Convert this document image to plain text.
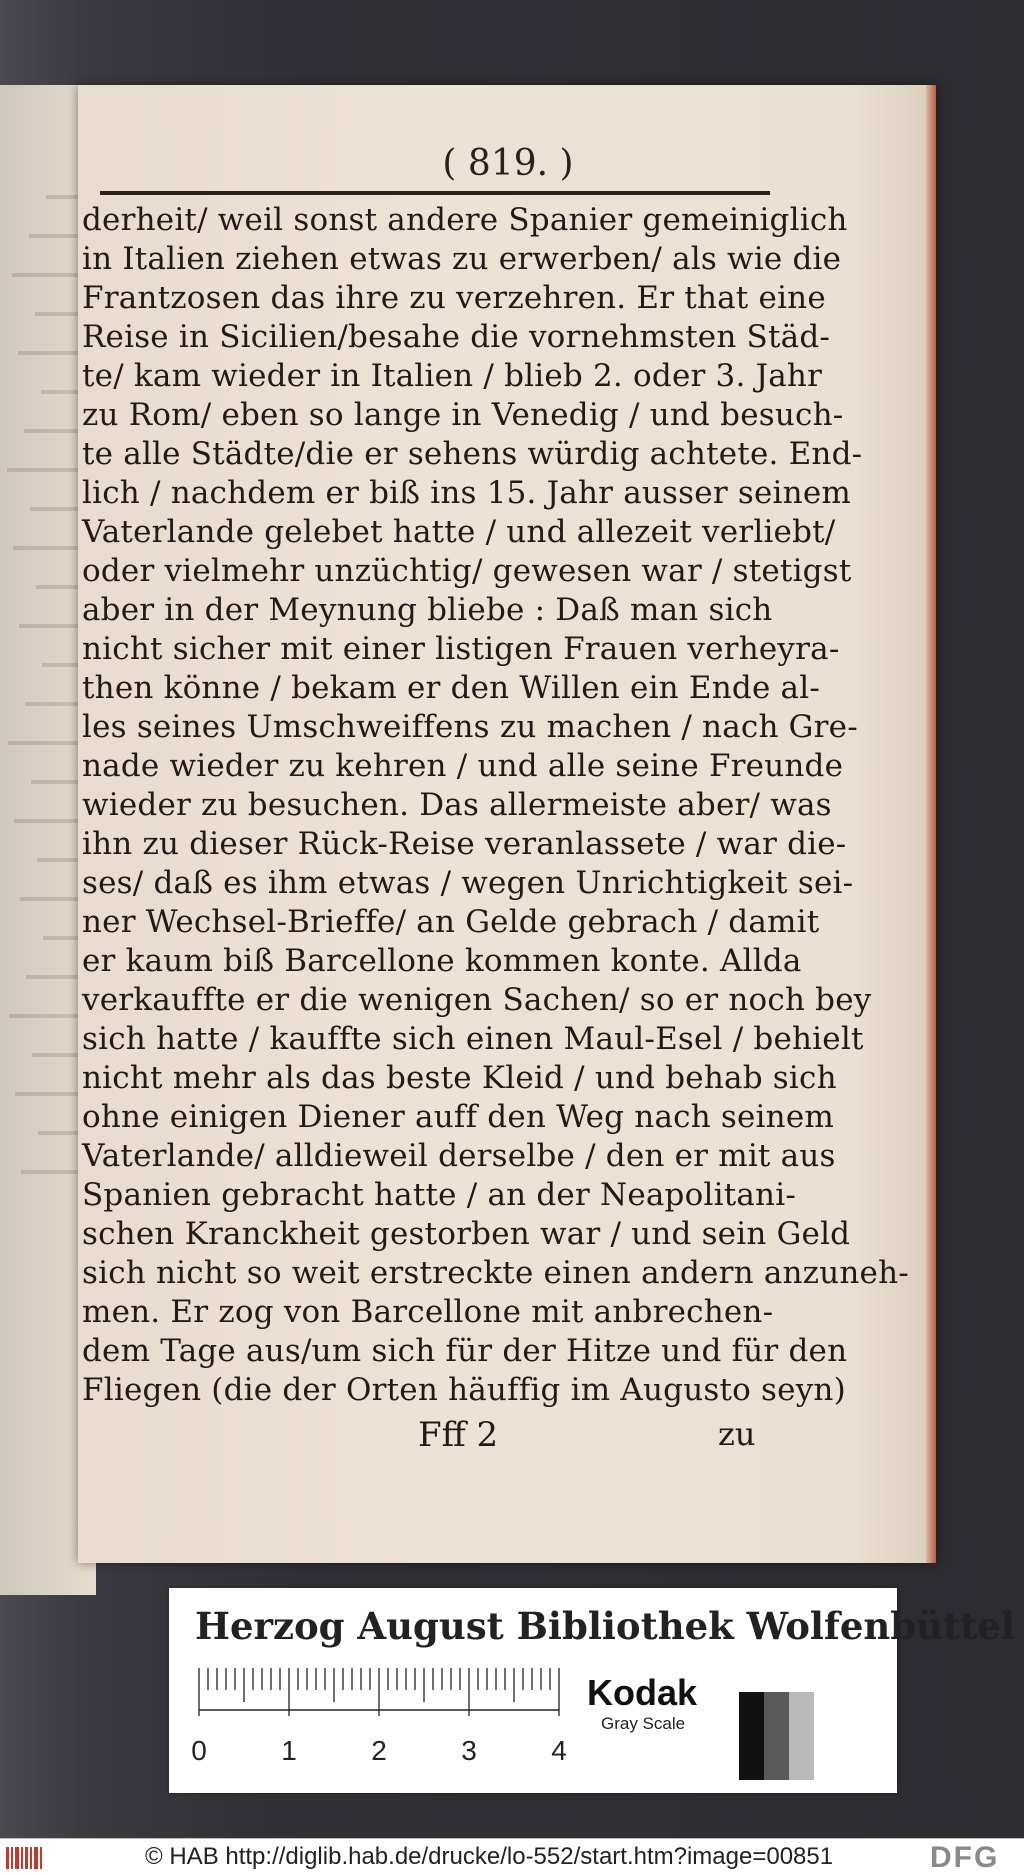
( 819. )
derheit/ weil sonst andere Spanier gemeiniglich
in Italien ziehen etwas zu erwerben/ als wie die
Frantzosen das ihre zu verzehren. Er that eine
Reise in Sicilien/besahe die vornehmsten Städ-
te/ kam wieder in Italien / blieb 2. oder 3. Jahr
zu Rom/ eben so lange in Venedig / und besuch-
te alle Städte/die er sehens würdig achtete. End-
lich / nachdem er biß ins 15. Jahr ausser seinem
Vaterlande gelebet hatte / und allezeit verliebt/
oder vielmehr unzüchtig/ gewesen war / stetigst
aber in der Meynung bliebe : Daß man sich
nicht sicher mit einer listigen Frauen verheyra-
then könne / bekam er den Willen ein Ende al-
les seines Umschweiffens zu machen / nach Gre-
nade wieder zu kehren / und alle seine Freunde
wieder zu besuchen. Das allermeiste aber/ was
ihn zu dieser Rück-Reise veranlassete / war die-
ses/ daß es ihm etwas / wegen Unrichtigkeit sei-
ner Wechsel-Brieffe/ an Gelde gebrach / damit
er kaum biß Barcellone kommen konte. Allda
verkauffte er die wenigen Sachen/ so er noch bey
sich hatte / kauffte sich einen Maul-Esel / behielt
nicht mehr als das beste Kleid / und behab sich
ohne einigen Diener auff den Weg nach seinem
Vaterlande/ alldieweil derselbe / den er mit aus
Spanien gebracht hatte / an der Neapolitani-
schen Kranckheit gestorben war / und sein Geld
sich nicht so weit erstreckte einen andern anzuneh-
men. Er zog von Barcellone mit anbrechen-
dem Tage aus/um sich für der Hitze und für den
Fliegen (die der Orten häuffig im Augusto seyn)
Fff 2	zu
Herzog August Bibliothek Wolfenbüttel
0	1	2	3	4
Kodak
Gray Scale
© HAB http://diglib.hab.de/drucke/lo-552/start.htm?image=00851	DFG
